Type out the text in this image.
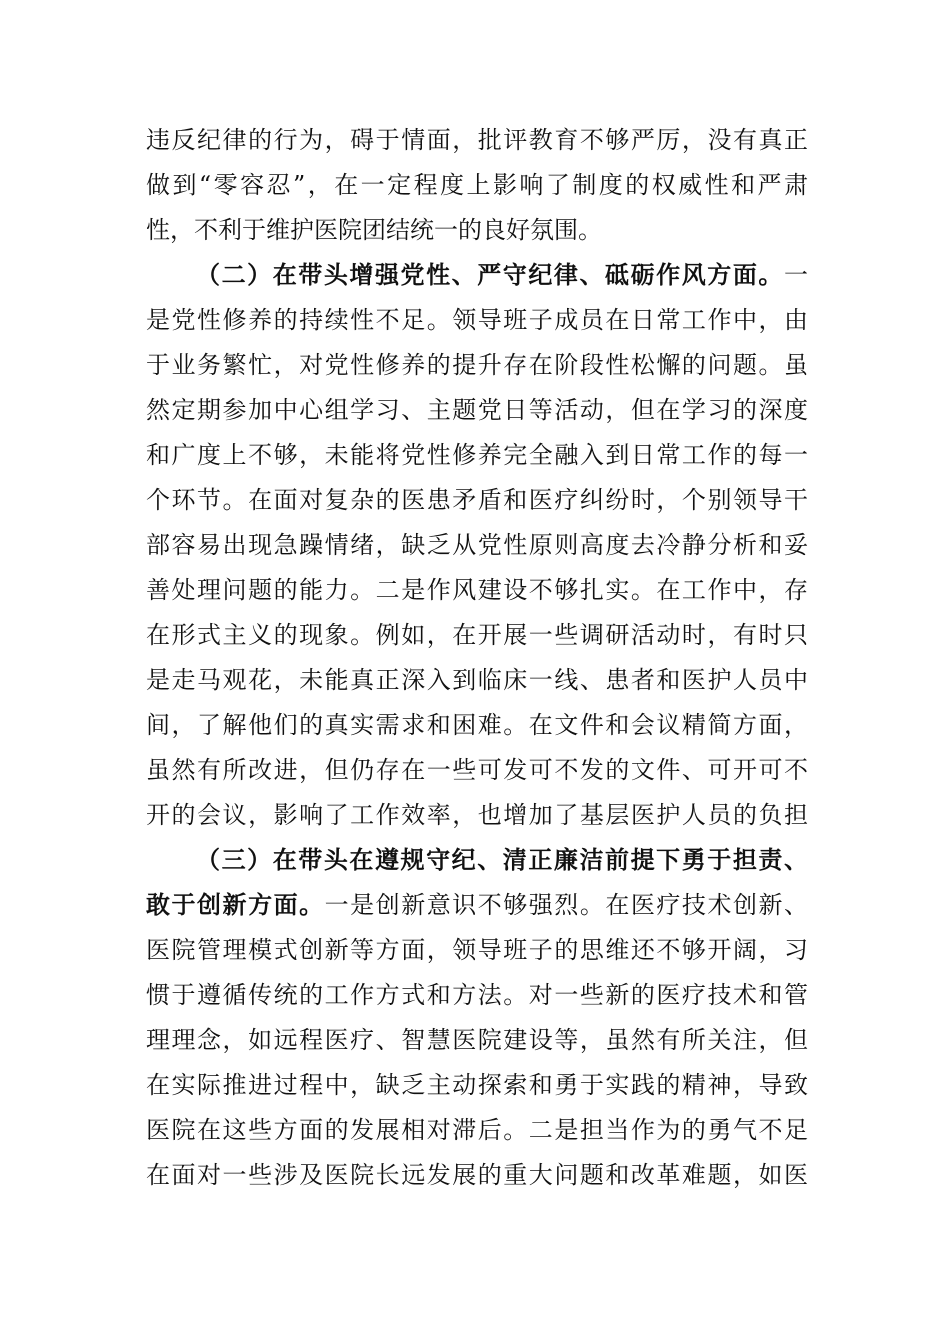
违反纪律的行为，碍于情面，批评教育不够严厉，没有真正
做到“零容忍”，在一定程度上影响了制度的权威性和严肃
性，不利于维护医院团结统一的良好氛围。
（二）在带头增强党性、严守纪律、砥砺作风方面。一
是党性修养的持续性不足。领导班子成员在日常工作中，由
于业务繁忙，对党性修养的提升存在阶段性松懈的问题。虽
然定期参加中心组学习、主题党日等活动，但在学习的深度
和广度上不够，未能将党性修养完全融入到日常工作的每一
个环节。在面对复杂的医患矛盾和医疗纠纷时，个别领导干
部容易出现急躁情绪，缺乏从党性原则高度去冷静分析和妥
善处理问题的能力。二是作风建设不够扎实。在工作中，存
在形式主义的现象。例如，在开展一些调研活动时，有时只
是走马观花，未能真正深入到临床一线、患者和医护人员中
间，了解他们的真实需求和困难。在文件和会议精简方面，
虽然有所改进，但仍存在一些可发可不发的文件、可开可不
开的会议，影响了工作效率，也增加了基层医护人员的负担
（三）在带头在遵规守纪、清正廉洁前提下勇于担责、
敢于创新方面。一是创新意识不够强烈。在医疗技术创新、
医院管理模式创新等方面，领导班子的思维还不够开阔，习
惯于遵循传统的工作方式和方法。对一些新的医疗技术和管
理理念，如远程医疗、智慧医院建设等，虽然有所关注，但
在实际推进过程中，缺乏主动探索和勇于实践的精神，导致
医院在这些方面的发展相对滞后。二是担当作为的勇气不足
在面对一些涉及医院长远发展的重大问题和改革难题，如医
